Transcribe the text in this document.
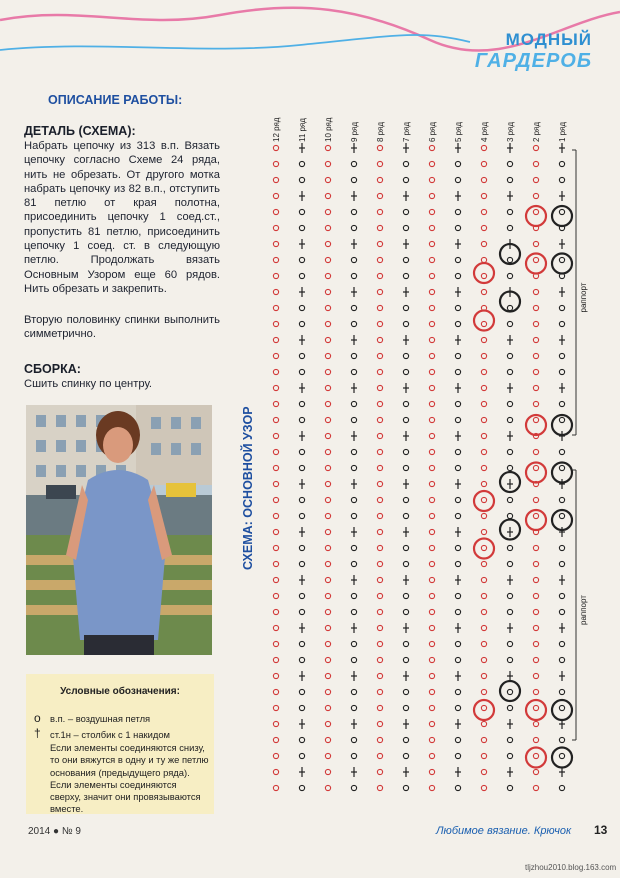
МОДНЫЙ
ГАРДЕРОБ
ОПИСАНИЕ РАБОТЫ:
ДЕТАЛЬ (СХЕМА):
Набрать цепочку из 313 в.п. Вязать цепочку согласно Схеме 24 ряда, нить не обрезать. От другого мотка набрать цепочку из 82 в.п., отступить 81 петлю от края полотна, присоединить цепочку 1 соед.ст., пропустить 81 петлю, присоединить цепочку 1 соед. ст. в следующую петлю. Продолжать вязать Основным Узором еще 60 рядов. Нить обрезать и закрепить.
Вторую половинку спинки выполнить симметрично.
СБОРКА:
Сшить спинку по центру.
Условные обозначения:
o в.п. – воздушная петля
† ст.1н – столбик с 1 накидом
Если элементы соединяются снизу, то они вяжутся в одну и ту же петлю основания (предыдущего ряда). Если элементы соединяются сверху, значит они провязываются вместе.
СХЕМА: ОСНОВНОЙ УЗОР
12 ряд 11 ряд 10 ряд 9 ряд 8 ряд 7 ряд 6 ряд 5 ряд 4 ряд 3 ряд 2 ряд 1 ряд
раппорт
раппорт
2014 ● № 9	Любимое вязание. Крючок 13
tljzhou2010.blog.163.com
